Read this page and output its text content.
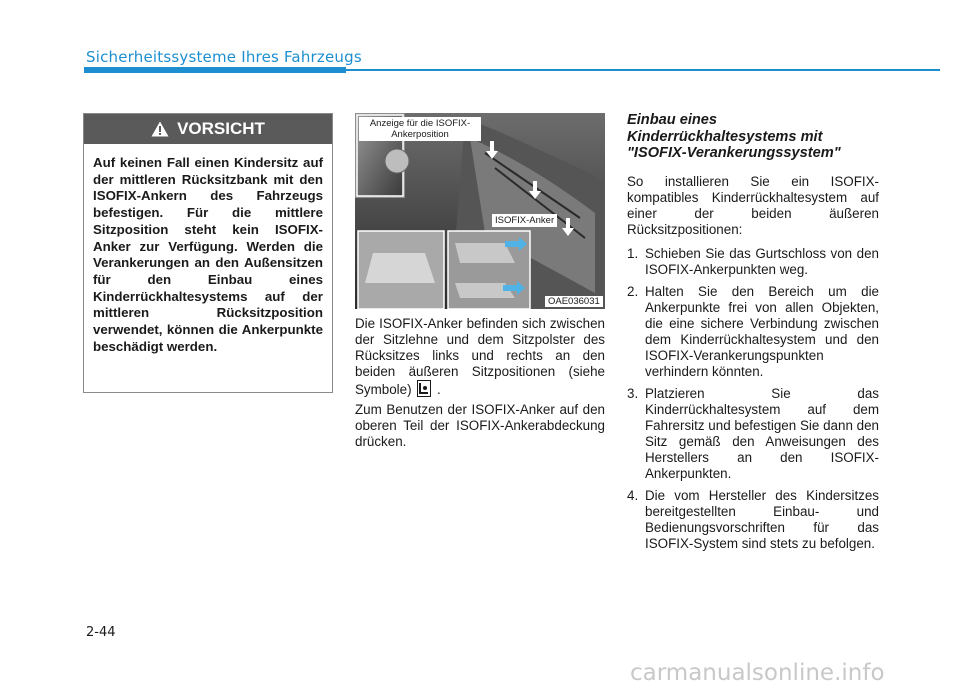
Sicherheitssysteme Ihres Fahrzeugs
VORSICHT
Auf keinen Fall einen Kindersitz auf der mittleren Rücksitzbank mit den ISOFIX-Ankern des Fahrzeugs befestigen. Für die mittlere Sitzposition steht kein ISOFIX-Anker zur Verfügung. Werden die Verankerungen an den Außensitzen für den Einbau eines Kinderrückhaltesystems auf der mittleren Rücksitzposition verwendet, können die Ankerpunkte beschädigt werden.
Anzeige für die ISOFIX-
Ankerposition
ISOFIX-Anker
OAE036031

Die ISOFIX-Anker befinden sich zwischen der Sitzlehne und dem Sitzpolster des Rücksitzes links und rechts an den beiden äußeren Sitzpositionen (siehe Symbole) .

Zum Benutzen der ISOFIX-Anker auf den oberen Teil der ISOFIX-Ankerabdeckung drücken.

Einbau eines
Kinderrückhaltesystems mit
"ISOFIX-Verankerungssystem"

So installieren Sie ein ISOFIX-kompatibles Kinderrückhaltesystem auf einer der beiden äußeren Rücksitzpositionen:

1. Schieben Sie das Gurtschloss von den ISOFIX-Ankerpunkten weg.
2. Halten Sie den Bereich um die Ankerpunkte frei von allen Objekten, die eine sichere Verbindung zwischen dem Kinderrückhaltesystem und den ISOFIX-Verankerungspunkten verhindern könnten.
3. Platzieren Sie das Kinderrückhaltesystem auf dem Fahrersitz und befestigen Sie dann den Sitz gemäß den Anweisungen des Herstellers an den ISOFIX-Ankerpunkten.
4. Die vom Hersteller des Kindersitzes bereitgestellten Einbau- und Bedienungsvorschriften für das ISOFIX-System sind stets zu befolgen.
2-44
carmanualsonline.info
